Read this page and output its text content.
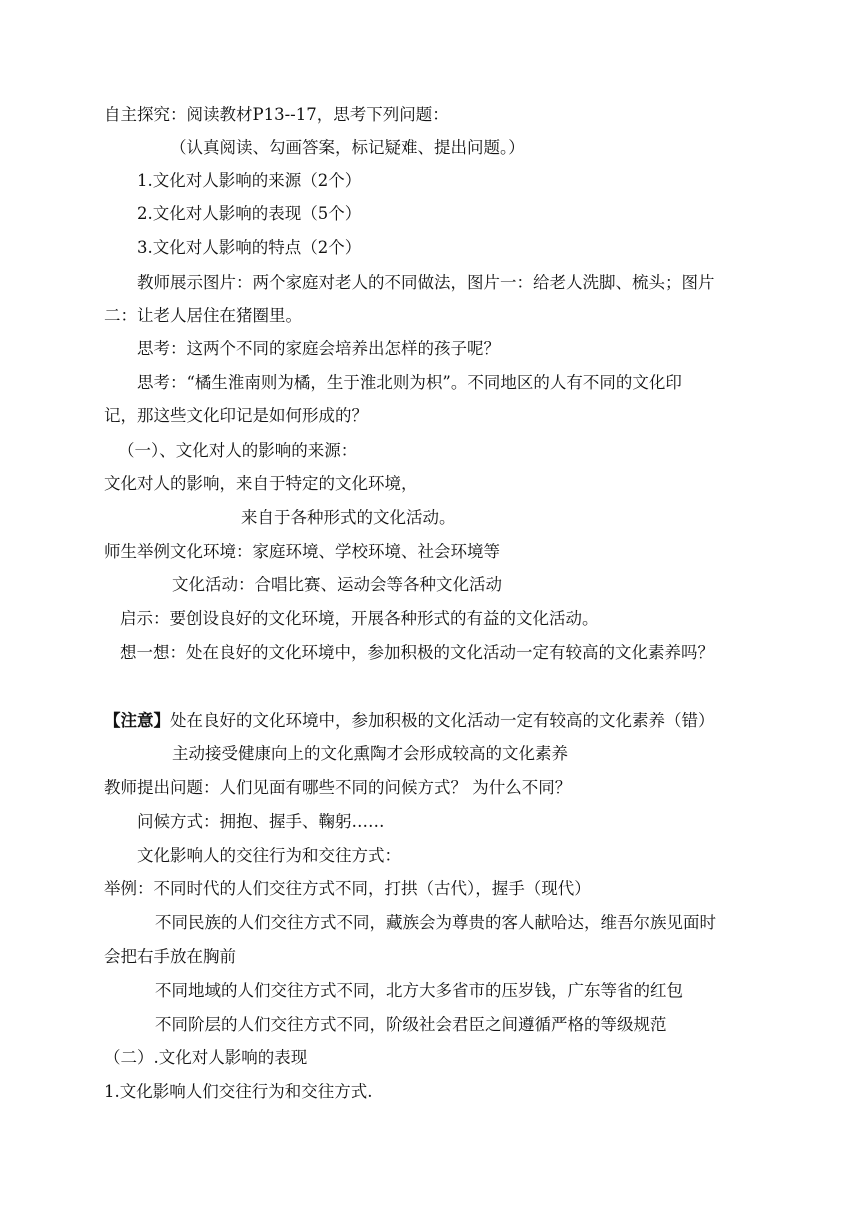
自主探究：阅读教材P13--17，思考下列问题：
（认真阅读、勾画答案，标记疑难、提出问题。）
1.文化对人影响的来源（2个）
2.文化对人影响的表现（5个）
3.文化对人影响的特点（2个）
教师展示图片：两个家庭对老人的不同做法，图片一：给老人洗脚、梳头；图片
二：让老人居住在猪圈里。
思考：这两个不同的家庭会培养出怎样的孩子呢？
思考：“橘生淮南则为橘，生于淮北则为枳”。不同地区的人有不同的文化印
记，那这些文化印记是如何形成的？
（一）、文化对人的影响的来源：
文化对人的影响，来自于特定的文化环境，
来自于各种形式的文化活动。
师生举例文化环境：家庭环境、学校环境、社会环境等
文化活动：合唱比赛、运动会等各种文化活动
启示：要创设良好的文化环境，开展各种形式的有益的文化活动。
想一想：处在良好的文化环境中，参加积极的文化活动一定有较高的文化素养吗？
【注意】处在良好的文化环境中，参加积极的文化活动一定有较高的文化素养（错）
主动接受健康向上的文化熏陶才会形成较高的文化素养
教师提出问题：人们见面有哪些不同的问候方式？ 为什么不同？
问候方式：拥抱、握手、鞠躬……
文化影响人的交往行为和交往方式：
举例：不同时代的人们交往方式不同，打拱（古代），握手（现代）
不同民族的人们交往方式不同，藏族会为尊贵的客人献哈达，维吾尔族见面时
会把右手放在胸前
不同地域的人们交往方式不同，北方大多省市的压岁钱，广东等省的红包
不同阶层的人们交往方式不同，阶级社会君臣之间遵循严格的等级规范
（二）.文化对人影响的表现
1.文化影响人们交往行为和交往方式.
